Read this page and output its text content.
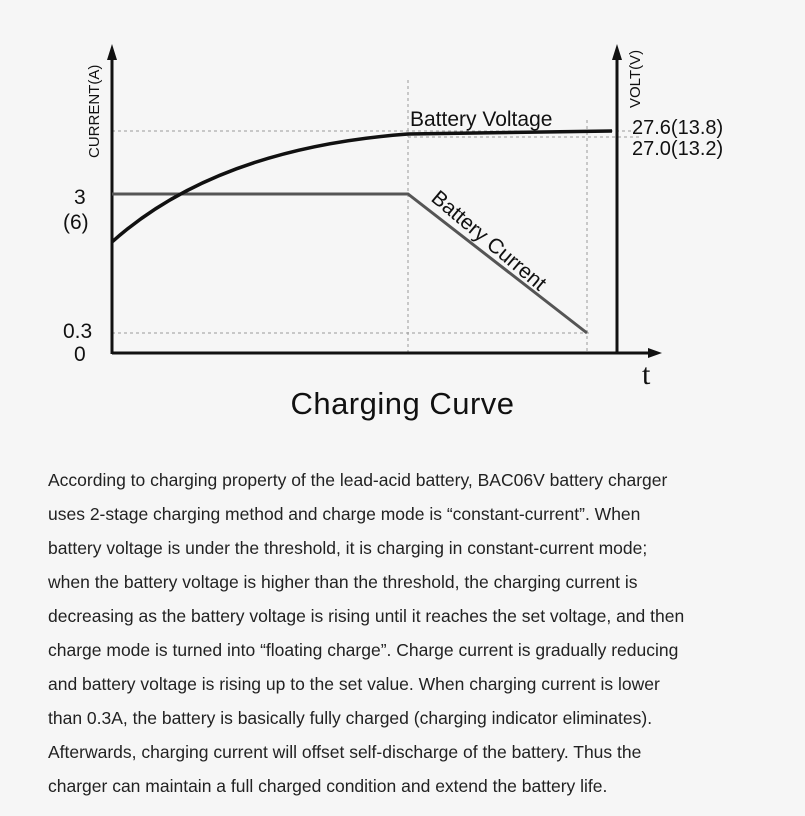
CURRENT(A)	VOLT(V)
t
3
(6)
0.3
0
27.6(13.8)
27.0(13.2)
Battery Voltage
Battery Current
Charging Curve
According to charging property of the lead-acid battery, BAC06V battery charger
uses 2-stage charging method and charge mode is “constant-current”. When
battery voltage is under the threshold, it is charging in constant-current mode;
when the battery voltage is higher than the threshold, the charging current is
decreasing as the battery voltage is rising until it reaches the set voltage, and then
charge mode is turned into “floating charge”. Charge current is gradually reducing
and battery voltage is rising up to the set value. When charging current is lower
than 0.3A, the battery is basically fully charged (charging indicator eliminates).
Afterwards, charging current will offset self-discharge of the battery. Thus the
charger can maintain a full charged condition and extend the battery life.
